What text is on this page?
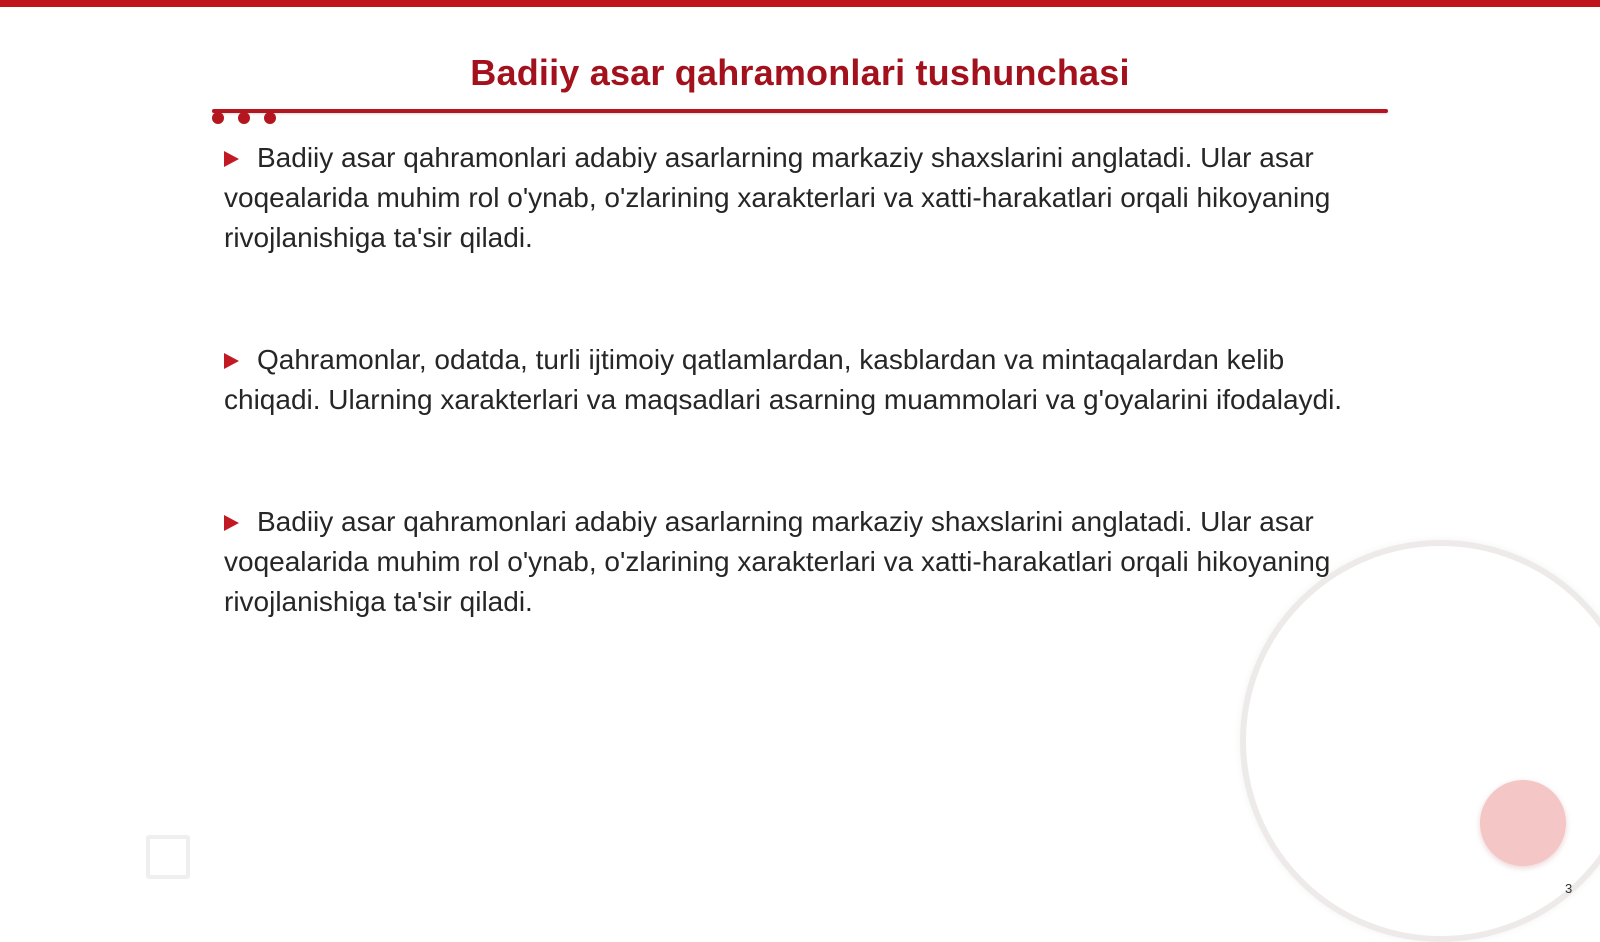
Badiiy asar qahramonlari tushunchasi
Badiiy asar qahramonlari adabiy asarlarning markaziy shaxslarini anglatadi. Ular asar voqealarida muhim rol o'ynab, o'zlarining xarakterlari va xatti-harakatlari orqali hikoyaning rivojlanishiga ta'sir qiladi.
Qahramonlar, odatda, turli ijtimoiy qatlamlardan, kasblardan va mintaqalardan kelib chiqadi. Ularning xarakterlari va maqsadlari asarning muammolari va g'oyalarini ifodalaydi.
Badiiy asar qahramonlari adabiy asarlarning markaziy shaxslarini anglatadi. Ular asar voqealarida muhim rol o'ynab, o'zlarining xarakterlari va xatti-harakatlari orqali hikoyaning rivojlanishiga ta'sir qiladi.
3
